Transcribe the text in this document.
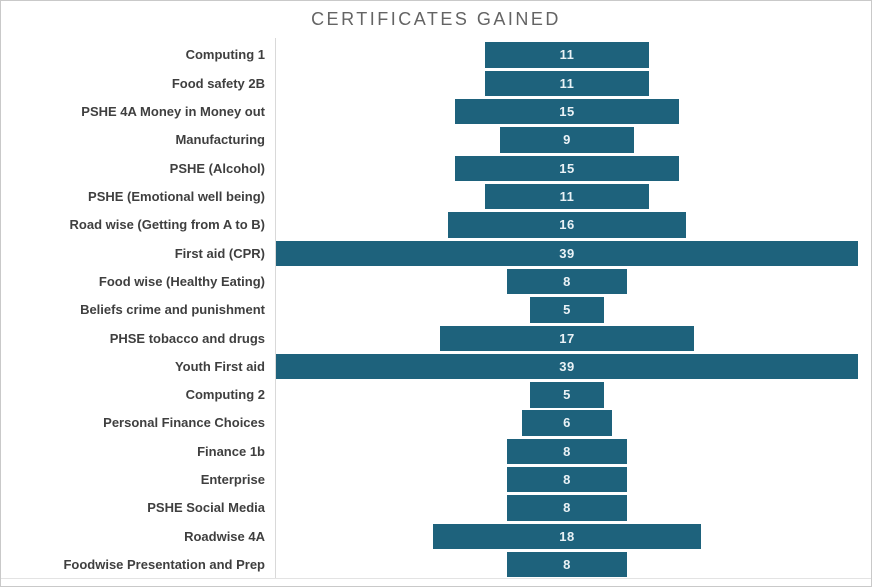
CERTIFICATES GAINED
Computing 1	11
Food safety 2B	11
PSHE 4A Money in Money out	15
Manufacturing	9
PSHE (Alcohol)	15
PSHE (Emotional well being)	11
Road wise (Getting from A to B)	16
First aid (CPR)	39
Food wise (Healthy Eating)	8
Beliefs crime and punishment	5
PHSE tobacco and drugs	17
Youth First aid	39
Computing 2	5
Personal Finance Choices	6
Finance 1b	8
Enterprise	8
PSHE Social Media	8
Roadwise 4A	18
Foodwise Presentation and Prep	8
